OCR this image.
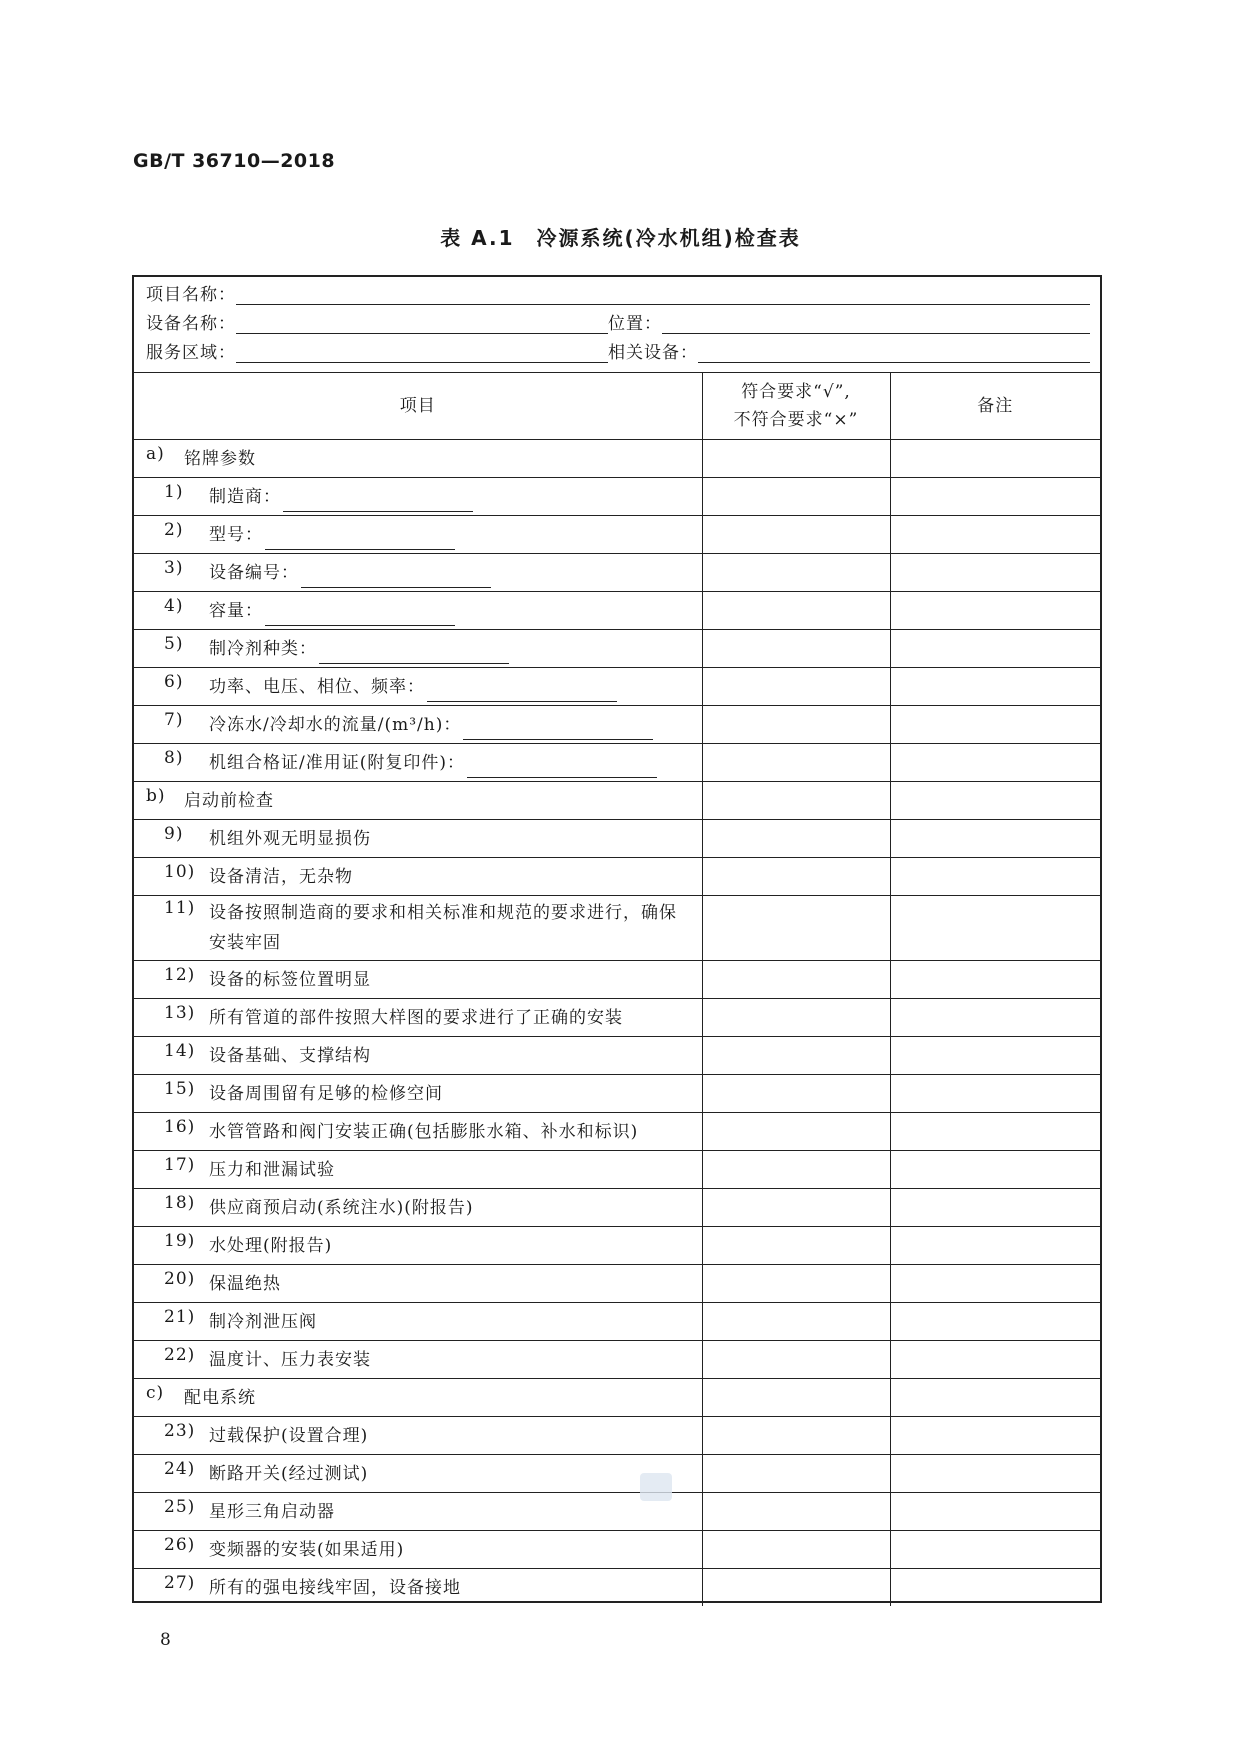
GB/T 36710—2018
表 A.1　冷源系统(冷水机组)检查表
项目名称：
设备名称：	位置：
服务区域：	相关设备：
项目	符合要求“√”,
不符合要求“×”	备注

a) 铭牌参数		

1) 制造商：		

2) 型号：		

3) 设备编号：		

4) 容量：		

5) 制冷剂种类：		

6) 功率、电压、相位、频率：		

7) 冷冻水/冷却水的流量/(m³/h)：		

8) 机组合格证/准用证(附复印件)：		

b) 启动前检查		

9) 机组外观无明显损伤		

10) 设备清洁，无杂物		

11) 设备按照制造商的要求和相关标准和规范的要求进行，确保安装牢固		

12) 设备的标签位置明显		

13) 所有管道的部件按照大样图的要求进行了正确的安装		

14) 设备基础、支撑结构		

15) 设备周围留有足够的检修空间		

16) 水管管路和阀门安装正确(包括膨胀水箱、补水和标识)		

17) 压力和泄漏试验		

18) 供应商预启动(系统注水)(附报告)		

19) 水处理(附报告)		

20) 保温绝热		

21) 制冷剂泄压阀		

22) 温度计、压力表安装		

c) 配电系统		

23) 过载保护(设置合理)		

24) 断路开关(经过测试)		

25) 星形三角启动器		

26) 变频器的安装(如果适用)		

27) 所有的强电接线牢固，设备接地		

8
